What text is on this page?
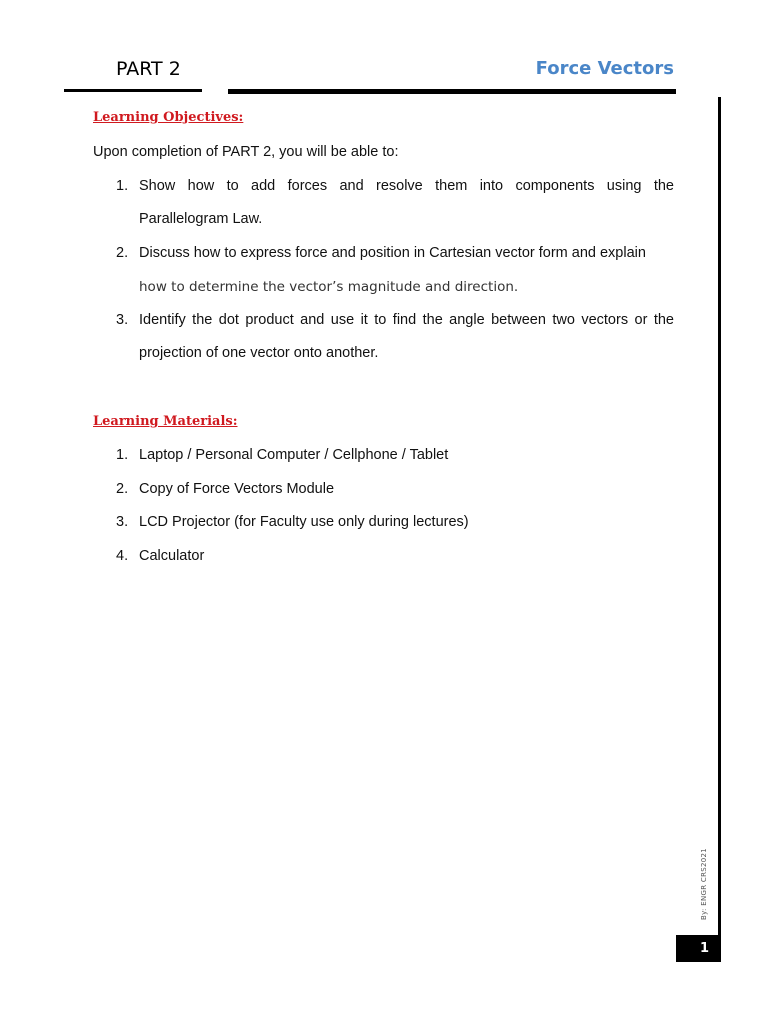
PART 2	Force Vectors
Learning Objectives:
Upon completion of PART 2, you will be able to:
1. Show how to add forces and resolve them into components using the
Parallelogram Law.
2. Discuss how to express force and position in Cartesian vector form and explain
how to determine the vector’s magnitude and direction.
3. Identify the dot product and use it to find the angle between two vectors or the
projection of one vector onto another.
Learning Materials:
1. Laptop / Personal Computer / Cellphone / Tablet
2. Copy of Force Vectors Module
3. LCD Projector (for Faculty use only during lectures)
4. Calculator
By: ENGR CRS2021
1
